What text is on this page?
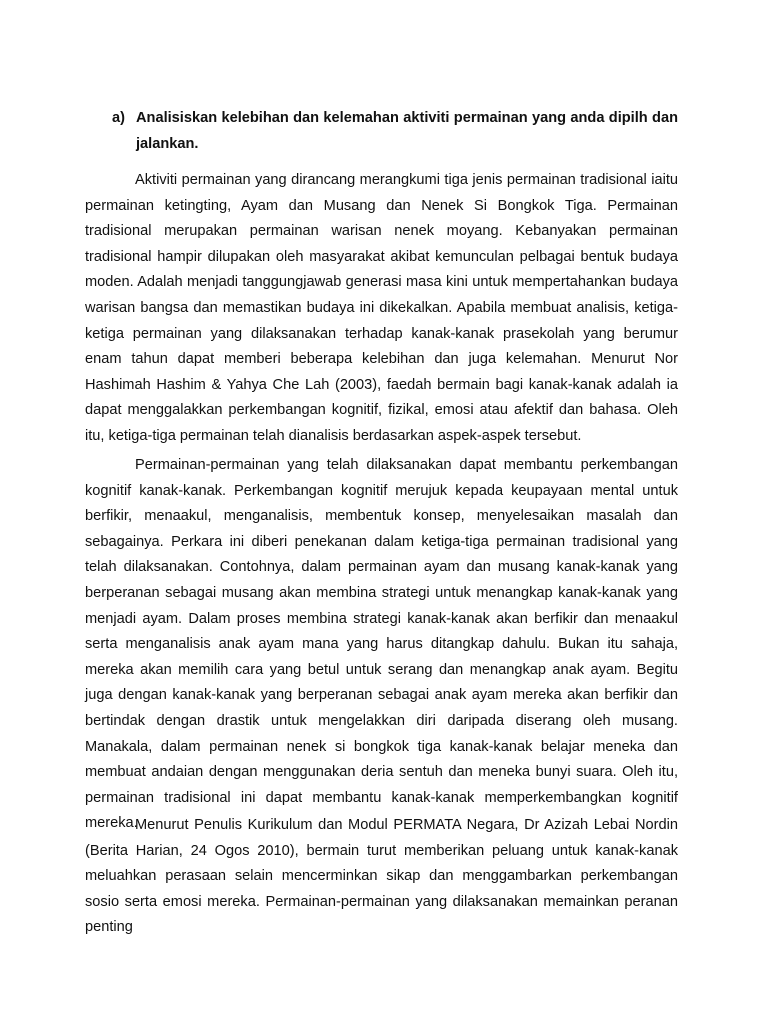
a) Analisiskan kelebihan dan kelemahan aktiviti permainan yang anda dipilh dan jalankan.

Aktiviti permainan yang dirancang merangkumi tiga jenis permainan tradisional iaitu permainan ketingting, Ayam dan Musang dan Nenek Si Bongkok Tiga. Permainan tradisional merupakan permainan warisan nenek moyang. Kebanyakan permainan tradisional hampir dilupakan oleh masyarakat akibat kemunculan pelbagai bentuk budaya moden. Adalah menjadi tanggungjawab generasi masa kini untuk mempertahankan budaya warisan bangsa dan memastikan budaya ini dikekalkan. Apabila membuat analisis, ketiga-ketiga permainan yang dilaksanakan terhadap kanak-kanak prasekolah yang berumur enam tahun dapat memberi beberapa kelebihan dan juga kelemahan. Menurut Nor Hashimah Hashim & Yahya Che Lah (2003), faedah bermain bagi kanak-kanak adalah ia dapat menggalakkan perkembangan kognitif, fizikal, emosi atau afektif dan bahasa. Oleh itu, ketiga-tiga permainan telah dianalisis berdasarkan aspek-aspek tersebut.

Permainan-permainan yang telah dilaksanakan dapat membantu perkembangan kognitif kanak-kanak. Perkembangan kognitif merujuk kepada keupayaan mental untuk berfikir, menaakul, menganalisis, membentuk konsep, menyelesaikan masalah dan sebagainya. Perkara ini diberi penekanan dalam ketiga-tiga permainan tradisional yang telah dilaksanakan. Contohnya, dalam permainan ayam dan musang kanak-kanak yang berperanan sebagai musang akan membina strategi untuk menangkap kanak-kanak yang menjadi ayam. Dalam proses membina strategi kanak-kanak akan berfikir dan menaakul serta menganalisis anak ayam mana yang harus ditangkap dahulu. Bukan itu sahaja, mereka akan memilih cara yang betul untuk serang dan menangkap anak ayam. Begitu juga dengan kanak-kanak yang berperanan sebagai anak ayam mereka akan berfikir dan bertindak dengan drastik untuk mengelakkan diri daripada diserang oleh musang. Manakala, dalam permainan nenek si bongkok tiga kanak-kanak belajar meneka dan membuat andaian dengan menggunakan deria sentuh dan meneka bunyi suara. Oleh itu, permainan tradisional ini dapat membantu kanak-kanak memperkembangkan kognitif mereka.

Menurut Penulis Kurikulum dan Modul PERMATA Negara, Dr Azizah Lebai Nordin (Berita Harian, 24 Ogos 2010), bermain turut memberikan peluang untuk kanak-kanak meluahkan perasaan selain mencerminkan sikap dan menggambarkan perkembangan sosio serta emosi mereka. Permainan-permainan yang dilaksanakan memainkan peranan penting
